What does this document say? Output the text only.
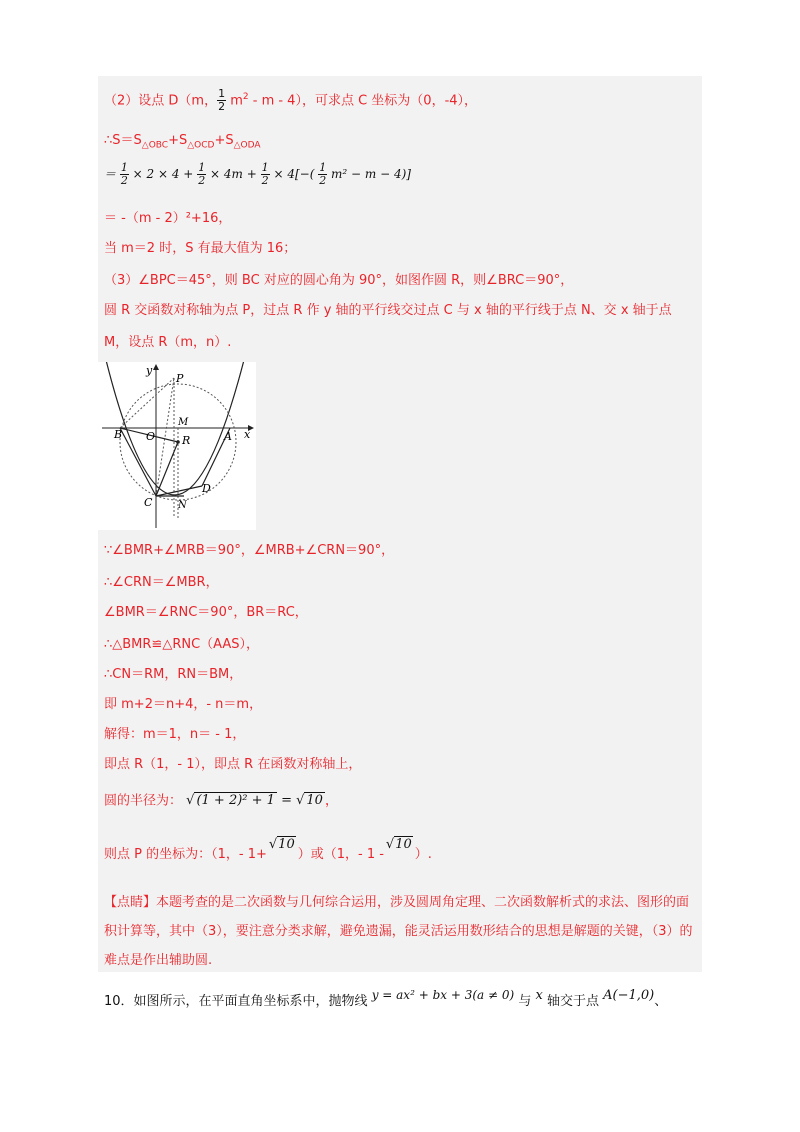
（2）设点 D（m， $\frac{1}{2} m^2$ - m - 4），可求点 C 坐标为（0，-4），
$\therefore S=S_{\triangle OBC}+S_{\triangle OCD}+S_{\triangle ODA}$
＝ $\frac{1}{2} \times 2 \times 4 + \frac{1}{2} \times 4m + \frac{1}{2} \times 4[-( \frac{1}{2} m^2 - m - 4)]$
＝ -（m - 2）²+16，
当 m＝2 时，S 有最大值为 16；
（3）∠BPC＝45°，则 BC 对应的圆心角为 90°，如图作圆 R，则∠BRC＝90°，
圆 R 交函数对称轴为点 P，过点 R 作 y 轴的平行线交过点 C 与 x 轴的平行线于点 N、交 x 轴于点
M，设点 R（m，n）.
y
x
P
M
B O R	A
C	N
D
∵∠BMR+∠MRB＝90°，∠MRB+∠CRN＝90°，
∴∠CRN＝∠MBR，
∠BMR＝∠RNC＝90°，BR＝RC，
∴△BMR≌△RNC（AAS），
∴CN＝RM，RN＝BM，
即 m+2＝n+4，- n＝m，
解得：m＝1，n＝ - 1，
即点 R（1，- 1），即点 R 在函数对称轴上，
圆的半径为： √ (1 + 2)² + 1 = √ 10 ，
则点 P 的坐标为：（1，- 1+√10）或（1，- 1 -√10）.
【点睛】本题考查的是二次函数与几何综合运用，涉及圆周角定理、二次函数解析式的求法、图形的面积计算等，其中（3），要注意分类求解，避免遗漏，能灵活运用数形结合的思想是解题的关键，（3）的难点是作出辅助圆.
10．如图所示，在平面直角坐标系中，抛物线 y = ax² + bx + 3(a ≠ 0) 与 x 轴交于点 A(−1,0)、
